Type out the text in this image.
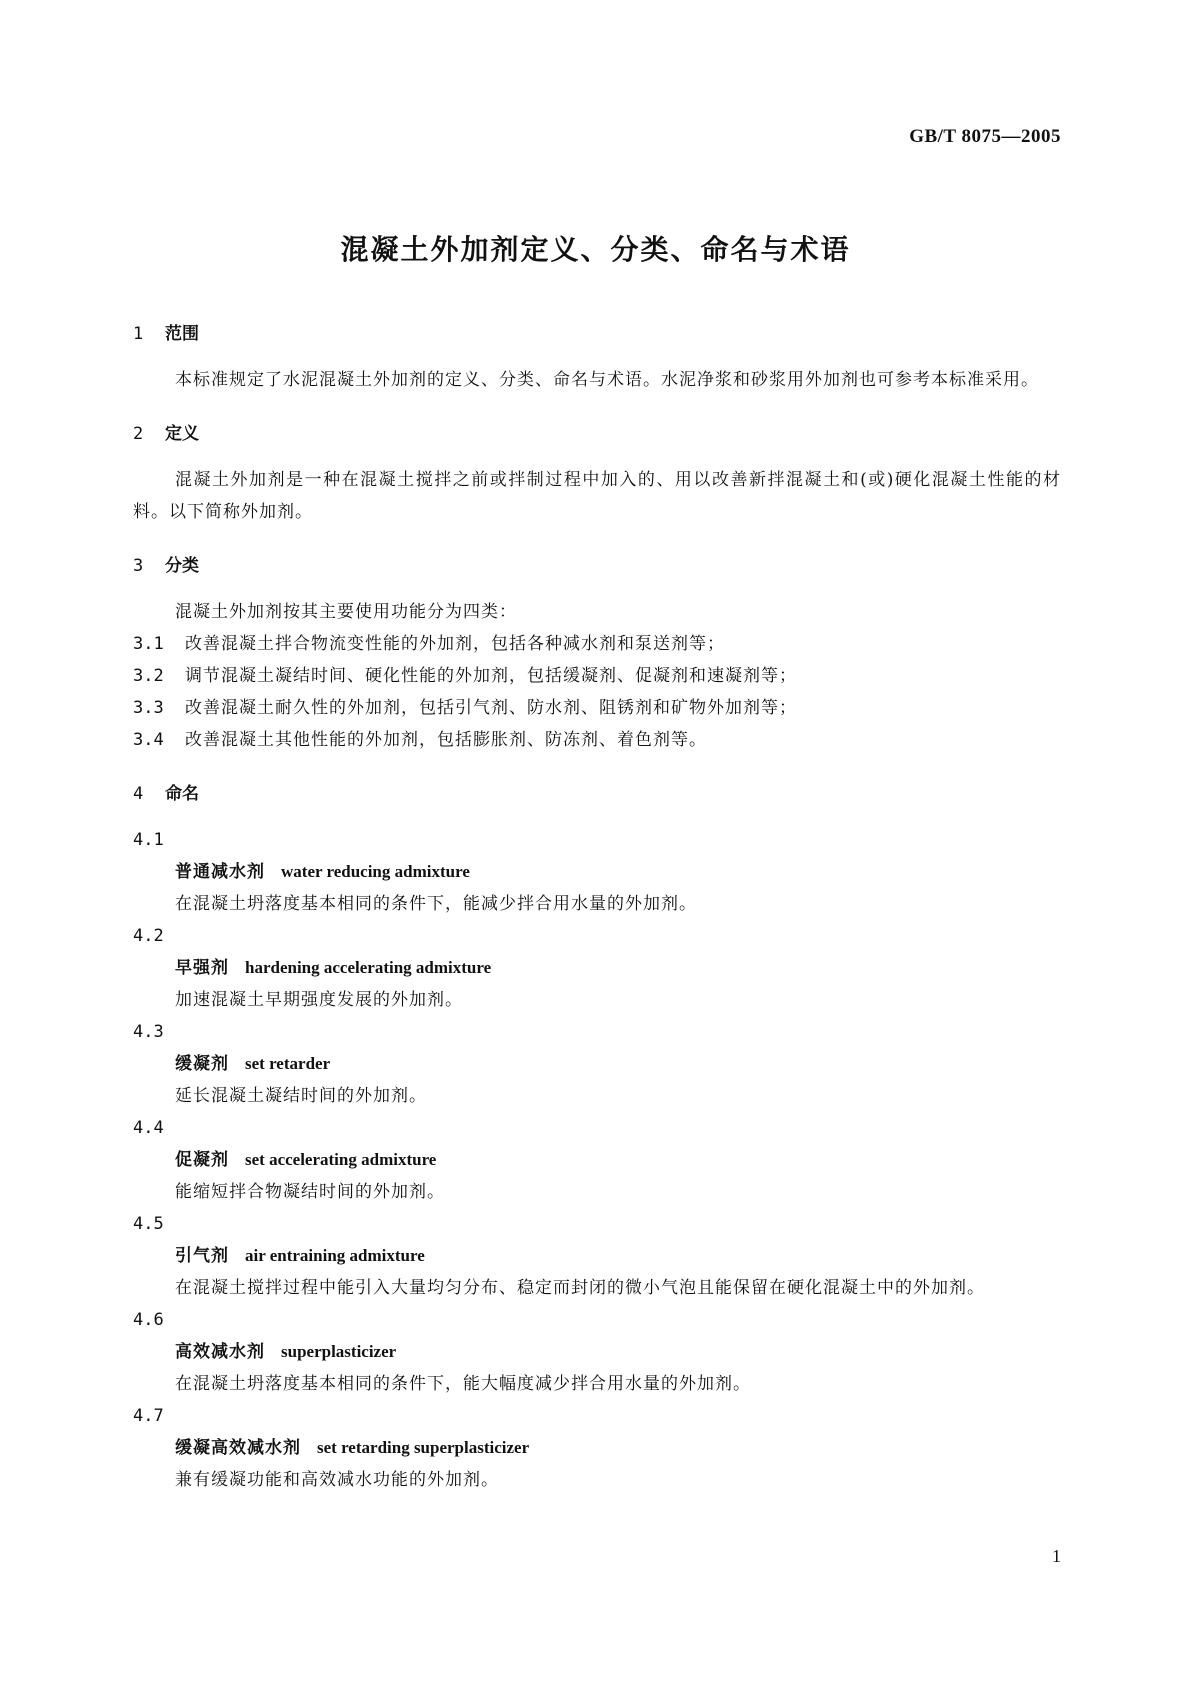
GB/T 8075—2005
混凝土外加剂定义、分类、命名与术语
1 范围
本标准规定了水泥混凝土外加剂的定义、分类、命名与术语。水泥净浆和砂浆用外加剂也可参考本标准采用。
2 定义
混凝土外加剂是一种在混凝土搅拌之前或拌制过程中加入的、用以改善新拌混凝土和(或)硬化混凝土性能的材料。以下简称外加剂。
3 分类
混凝土外加剂按其主要使用功能分为四类：
3.1 改善混凝土拌合物流变性能的外加剂，包括各种减水剂和泵送剂等；
3.2 调节混凝土凝结时间、硬化性能的外加剂，包括缓凝剂、促凝剂和速凝剂等；
3.3 改善混凝土耐久性的外加剂，包括引气剂、防水剂、阻锈剂和矿物外加剂等；
3.4 改善混凝土其他性能的外加剂，包括膨胀剂、防冻剂、着色剂等。
4 命名
4.1
普通减水剂 water reducing admixture
在混凝土坍落度基本相同的条件下，能减少拌合用水量的外加剂。
4.2
早强剂 hardening accelerating admixture
加速混凝土早期强度发展的外加剂。
4.3
缓凝剂 set retarder
延长混凝土凝结时间的外加剂。
4.4
促凝剂 set accelerating admixture
能缩短拌合物凝结时间的外加剂。
4.5
引气剂 air entraining admixture
在混凝土搅拌过程中能引入大量均匀分布、稳定而封闭的微小气泡且能保留在硬化混凝土中的外加剂。
4.6
高效减水剂 superplasticizer
在混凝土坍落度基本相同的条件下，能大幅度减少拌合用水量的外加剂。
4.7
缓凝高效减水剂 set retarding superplasticizer
兼有缓凝功能和高效减水功能的外加剂。
1
